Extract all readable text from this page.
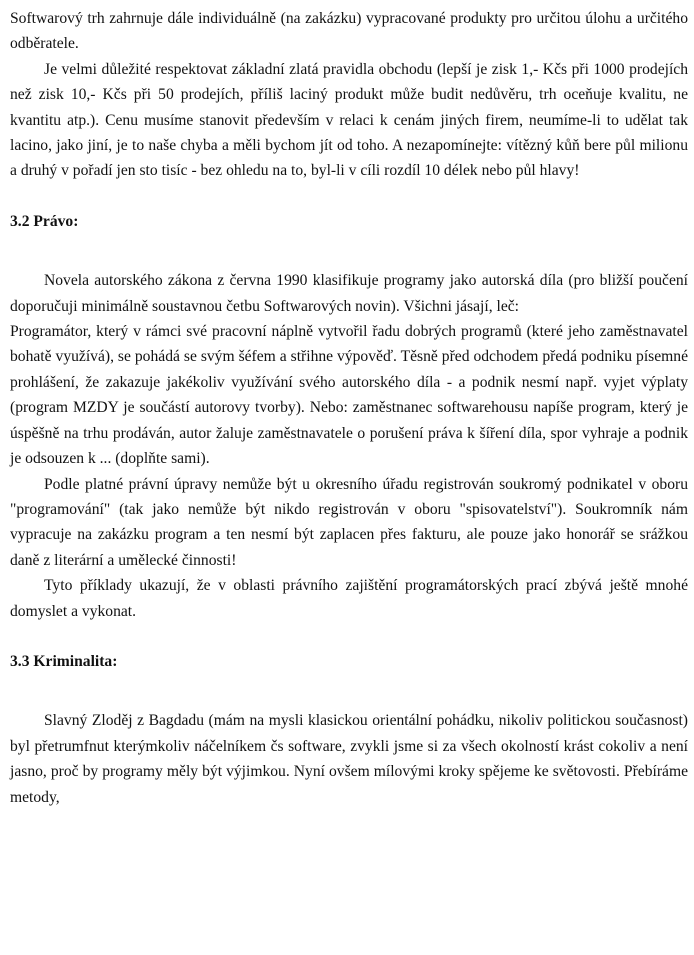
Softwarový trh zahrnuje dále individuálně (na zakázku) vypracované produkty pro určitou úlohu a určitého odběratele.

Je velmi důležité respektovat základní zlatá pravidla obchodu (lepší je zisk 1,- Kčs při 1000 prodejích než zisk 10,- Kčs při 50 prodejích, příliš laciný produkt může budit nedůvěru, trh oceňuje kvalitu, ne kvantitu atp.). Cenu musíme stanovit především v relaci k cenám jiných firem, neumíme-li to udělat tak lacino, jako jiní, je to naše chyba a měli bychom jít od toho. A nezapomínejte: vítězný kůň bere půl milionu a druhý v pořadí jen sto tisíc - bez ohledu na to, byl-li v cíli rozdíl 10 délek nebo půl hlavy!

3.2 Právo:

Novela autorského zákona z června 1990 klasifikuje programy jako autorská díla (pro bližší poučení doporučuji minimálně soustavnou četbu Softwarových novin). Všichni jásají, leč:

Programátor, který v rámci své pracovní náplně vytvořil řadu dobrých programů (které jeho zaměstnavatel bohatě využívá), se pohádá se svým šéfem a střihne výpověď. Těsně před odchodem předá podniku písemné prohlášení, že zakazuje jakékoliv využívání svého autorského díla - a podnik nesmí např. vyjet výplaty (program MZDY je součástí autorovy tvorby). Nebo: zaměstnanec softwarehousu napíše program, který je úspěšně na trhu prodáván, autor žaluje zaměstnavatele o porušení práva k šíření díla, spor vyhraje a podnik je odsouzen k ... (doplňte sami).

Podle platné právní úpravy nemůže být u okresního úřadu registrován soukromý podnikatel v oboru "programování" (tak jako nemůže být nikdo registrován v oboru "spisovatelství"). Soukromník nám vypracuje na zakázku program a ten nesmí být zaplacen přes fakturu, ale pouze jako honorář se srážkou daně z literární a umělecké činnosti!

Tyto příklady ukazují, že v oblasti právního zajištění programátorských prací zbývá ještě mnohé domyslet a vykonat.

3.3 Kriminalita:

Slavný Zloděj z Bagdadu (mám na mysli klasickou orientální pohádku, nikoliv politickou současnost) byl přetrumfnut kterýmkoliv náčelníkem čs software, zvykli jsme si za všech okolností krást cokoliv a není jasno, proč by programy měly být výjimkou. Nyní ovšem mílovými kroky spějeme ke světovosti. Přebíráme metody,
